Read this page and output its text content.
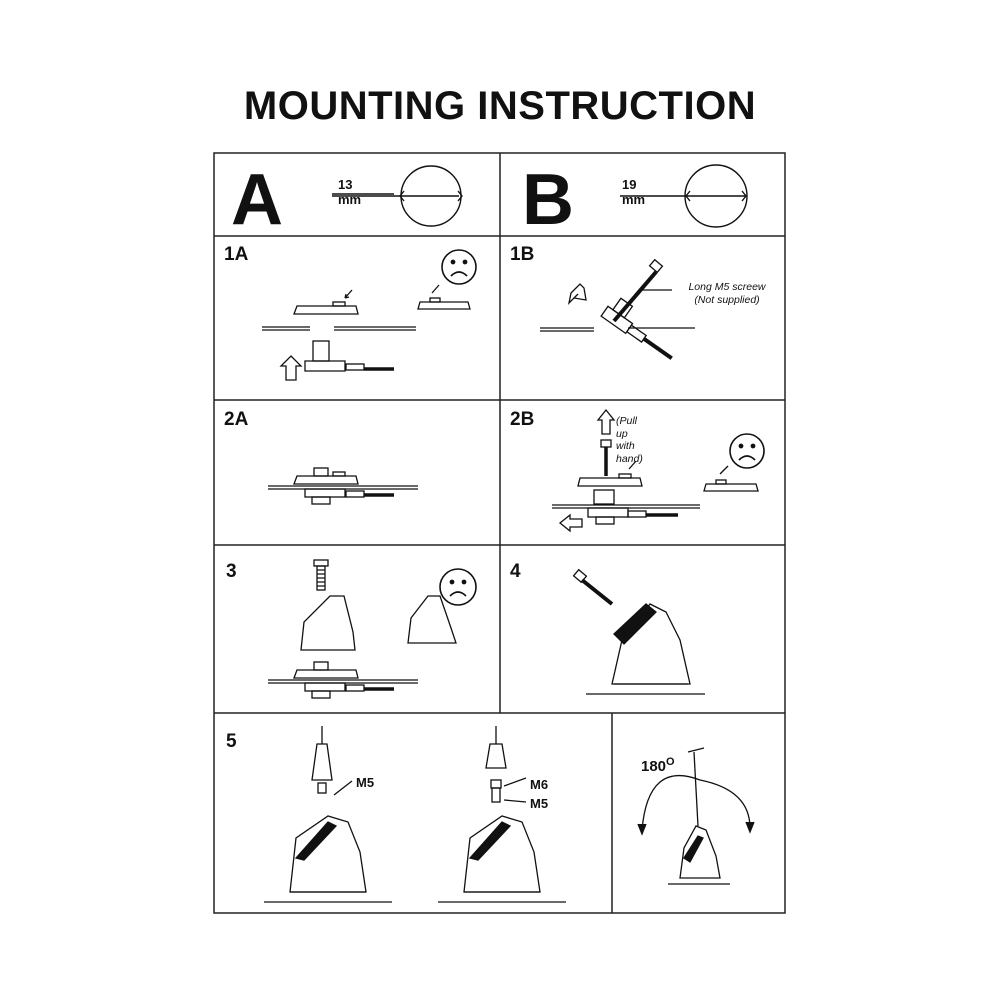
MOUNTING INSTRUCTION
A	13 mm B	19 mm
1A	1B
Long M5 screew
(Not supplied)
2A	2B	(Pull up with hand)
3	4
5
M5	M6
M5
$180^O$
